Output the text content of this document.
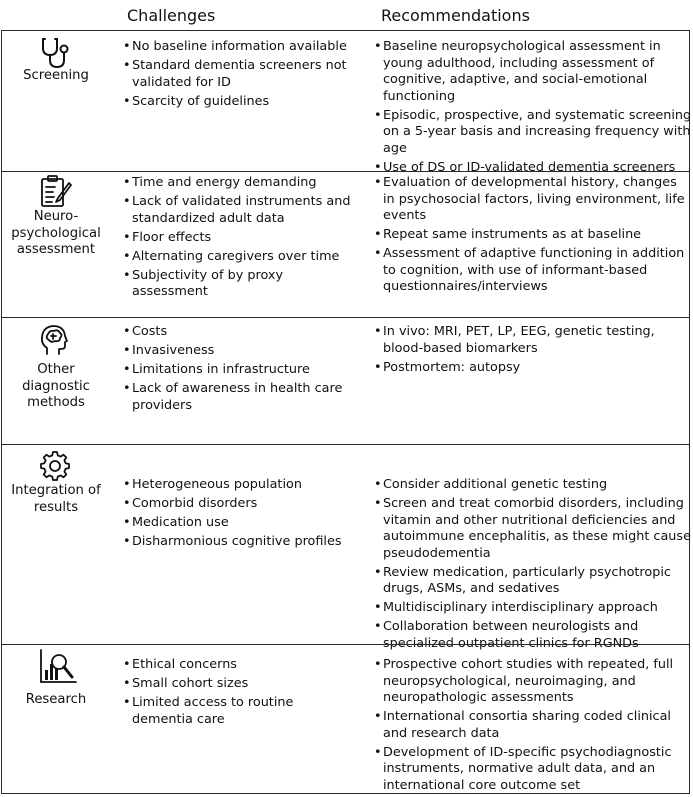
Challenges	Recommendations
Screening
• No baseline information available
• Standard dementia screeners not validated for ID
• Scarcity of guidelines
• Baseline neuropsychological assessment in young adulthood, including assessment of cognitive, adaptive, and social-emotional functioning
• Episodic, prospective, and systematic screening on a 5-year basis and increasing frequency with age
• Use of DS or ID-validated dementia screeners
Neuro-
psychological
assessment
• Time and energy demanding
• Lack of validated instruments and standardized adult data
• Floor effects
• Alternating caregivers over time
• Subjectivity of by proxy assessment
• Evaluation of developmental history, changes in psychosocial factors, living environment, life events
• Repeat same instruments as at baseline
• Assessment of adaptive functioning in addition to cognition, with use of informant-based questionnaires/interviews
Other
diagnostic
methods
• Costs
• Invasiveness
• Limitations in infrastructure
• Lack of awareness in health care providers
• In vivo: MRI, PET, LP, EEG, genetic testing, blood-based biomarkers
• Postmortem: autopsy
Integration of
results
• Heterogeneous population
• Comorbid disorders
• Medication use
• Disharmonious cognitive profiles
• Consider additional genetic testing
• Screen and treat comorbid disorders, including vitamin and other nutritional deficiencies and autoimmune encephalitis, as these might cause pseudodementia
• Review medication, particularly psychotropic drugs, ASMs, and sedatives
• Multidisciplinary interdisciplinary approach
• Collaboration between neurologists and specialized outpatient clinics for RGNDs
Research
• Ethical concerns
• Small cohort sizes
• Limited access to routine dementia care
• Prospective cohort studies with repeated, full neuropsychological, neuroimaging, and neuropathologic assessments
• International consortia sharing coded clinical and research data
• Development of ID-specific psychodiagnostic instruments, normative adult data, and an international core outcome set
